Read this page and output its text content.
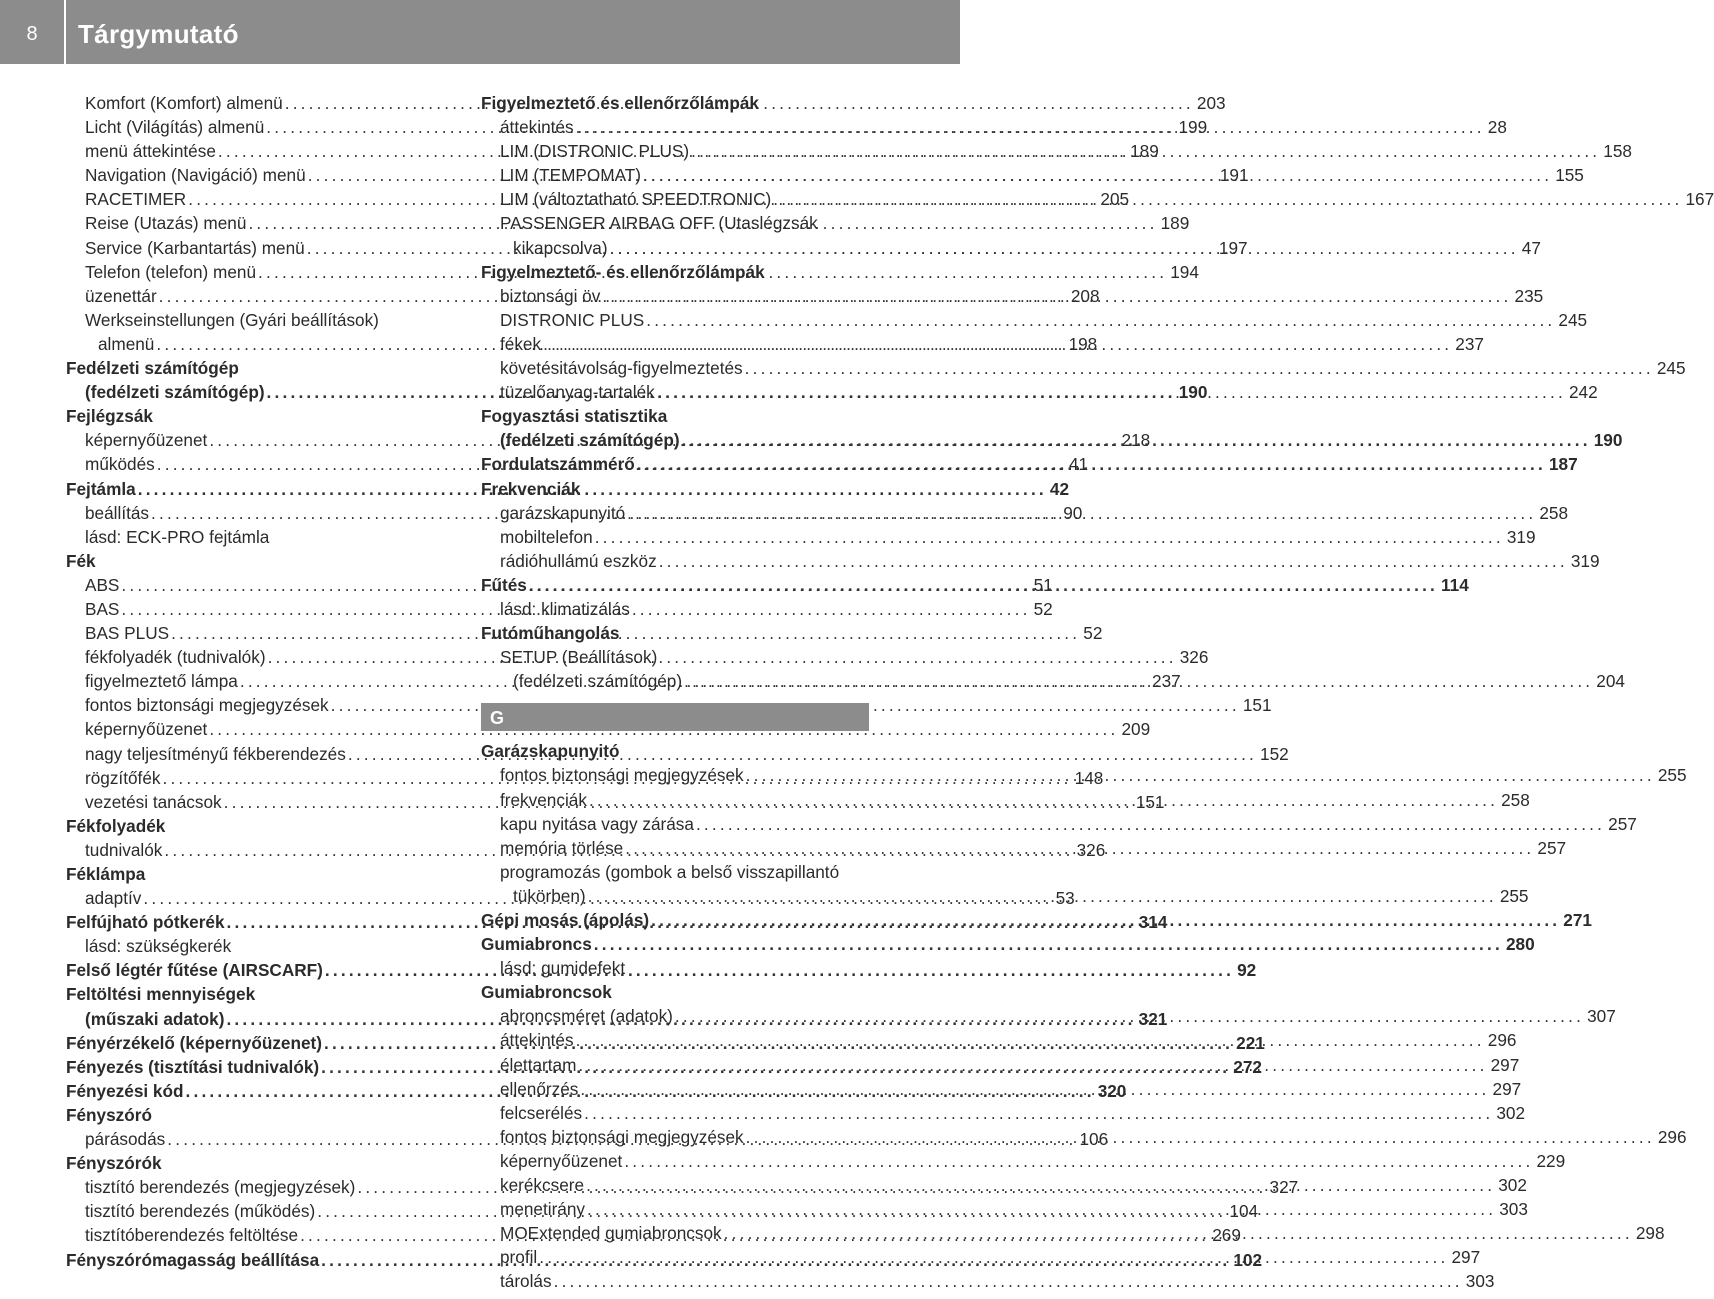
8	Tárgymutató
Komfort (Komfort) almenü .....	203
Licht (Világítás) almenü .....	199
menü áttekintése .....	189
Navigation (Navigáció) menü .....	191
RACETIMER .....	205
Reise (Utazás) menü .....	189
Service (Karbantartás) menü .....	197
Telefon (telefon) menü .....	194
üzenettár .....	208
Werkseinstellungen (Gyári beállítások)
almenü .....	198
Fedélzeti számítógép
(fedélzeti számítógép) .....	190
Fejlégzsák
képernyőüzenet .....	218
működés .....	41
Fejtámla .....	42
beállítás .....	90
lásd: ECK-PRO fejtámla
Fék
ABS .....	51
BAS .....	52
BAS PLUS .....	52
fékfolyadék (tudnivalók) .....	326
figyelmeztető lámpa .....	237
fontos biztonsági megjegyzések .....	151
képernyőüzenet .....	209
nagy teljesítményű fékberendezés .....	152
rögzítőfék .....	148
vezetési tanácsok .....	151
Fékfolyadék
tudnivalók .....	326
Féklámpa
adaptív .....	53
Felfújható pótkerék .....	314
lásd: szükségkerék
Felső légtér fűtése (AIRSCARF) .....	92
Feltöltési mennyiségek
(műszaki adatok) .....	321
Fényérzékelő (képernyőüzenet) .....	221
Fényezés (tisztítási tudnivalók) .....	272
Fényezési kód .....	320
Fényszóró
párásodás .....	106
Fényszórók
tisztító berendezés (megjegyzések) .....	327
tisztító berendezés (működés) .....	104
tisztítóberendezés feltöltése .....	269
Fényszórómagasság beállítása .....	102
Figyelmeztető és ellenőrzőlámpák
áttekintés .....	28
LIM (DISTRONIC PLUS) .....	158
LIM (TEMPOMAT) .....	155
LIM (változtatható SPEEDTRONIC) .....	167
PASSENGER AIRBAG OFF (Utaslégzsák
kikapcsolva) .....	47
Figyelmeztető- és ellenőrzőlámpák
biztonsági öv .....	235
DISTRONIC PLUS .....	245
fékek .....	237
követésitávolság-figyelmeztetés .....	245
tüzelőanyag-tartalék .....	242
Fogyasztási statisztika
(fedélzeti számítógép) .....	190
Fordulatszámmérő .....	187
Frekvenciák
garázskapunyitó .....	258
mobiltelefon .....	319
rádióhullámú eszköz .....	319
Fűtés .....	114
lásd: klimatizálás
Futóműhangolás
SETUP (Beállítások)
(fedélzeti számítógép) .....	204
G
Garázskapunyitó
fontos biztonsági megjegyzések .....	255
frekvenciák .....	258
kapu nyitása vagy zárása .....	257
memória törlése .....	257
programozás (gombok a belső visszapillantó
tükörben) .....	255
Gépi mosás (ápolás) .....	271
Gumiabroncs .....	280
lásd: gumidefekt
Gumiabroncsok
abroncsméret (adatok) .....	307
áttekintés .....	296
élettartam .....	297
ellenőrzés .....	297
felcserélés .....	302
fontos biztonsági megjegyzések .....	296
képernyőüzenet .....	229
kerékcsere .....	302
menetirány .....	303
MOExtended gumiabroncsok .....	298
profil .....	297
tárolás .....	303
